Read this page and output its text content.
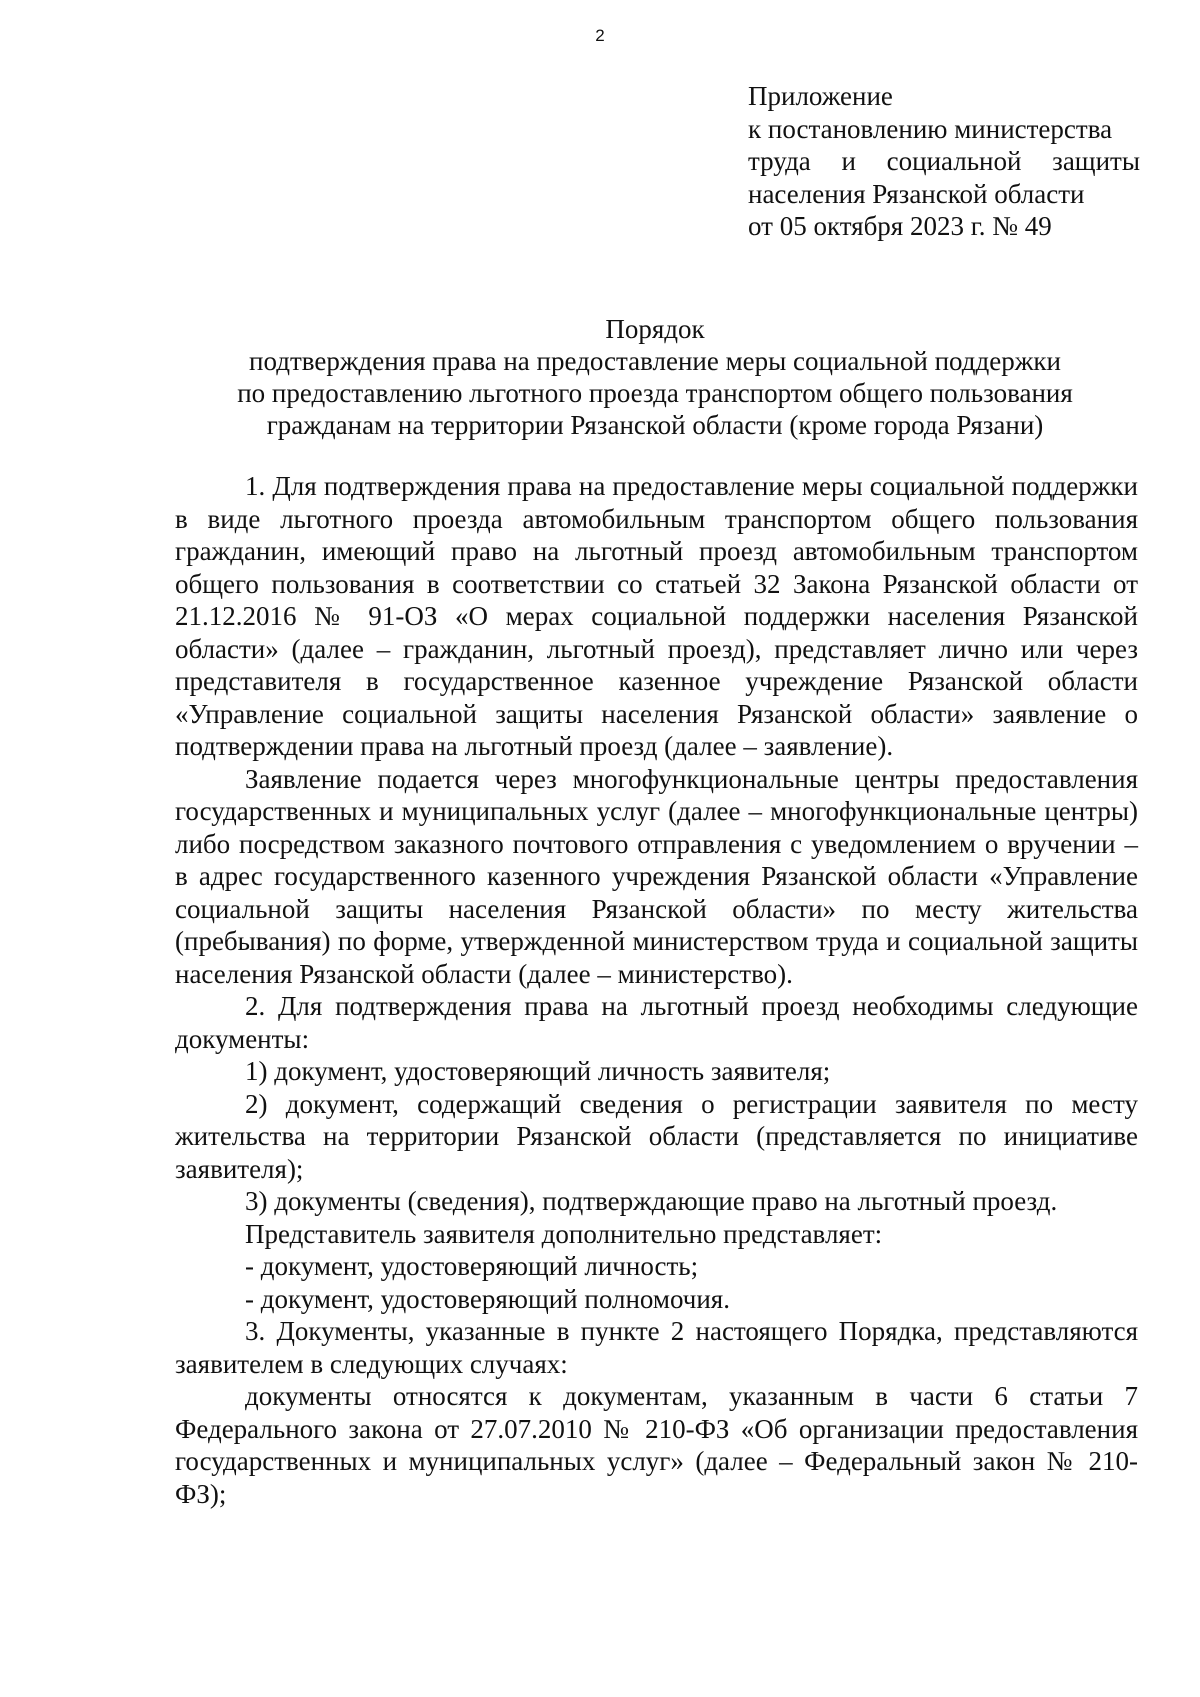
2
Приложение
к постановлению министерства
труда и социальной защиты
населения Рязанской области
от 05 октября 2023 г. № 49
Порядок
подтверждения права на предоставление меры социальной поддержки
по предоставлению льготного проезда транспортом общего пользования
гражданам на территории Рязанской области (кроме города Рязани)

1. Для подтверждения права на предоставление меры социальной поддержки в виде льготного проезда автомобильным транспортом общего пользования гражданин, имеющий право на льготный проезд автомобильным транспортом общего пользования в соответствии со статьей 32 Закона Рязанской области от 21.12.2016 № 91-ОЗ «О мерах социальной поддержки населения Рязанской области» (далее – гражданин, льготный проезд), представляет лично или через представителя в государственное казенное учреждение Рязанской области «Управление социальной защиты населения Рязанской области» заявление о подтверждении права на льготный проезд (далее – заявление).

Заявление подается через многофункциональные центры предоставления государственных и муниципальных услуг (далее – многофункциональные центры) либо посредством заказного почтового отправления с уведомлением о вручении – в адрес государственного казенного учреждения Рязанской области «Управление социальной защиты населения Рязанской области» по месту жительства (пребывания) по форме, утвержденной министерством труда и социальной защиты населения Рязанской области (далее – министерство).

2. Для подтверждения права на льготный проезд необходимы следующие документы:

1) документ, удостоверяющий личность заявителя;

2) документ, содержащий сведения о регистрации заявителя по месту жительства на территории Рязанской области (представляется по инициативе заявителя);

3) документы (сведения), подтверждающие право на льготный проезд.

Представитель заявителя дополнительно представляет:

- документ, удостоверяющий личность;

- документ, удостоверяющий полномочия.

3. Документы, указанные в пункте 2 настоящего Порядка, представляются заявителем в следующих случаях:

документы относятся к документам, указанным в части 6 статьи 7 Федерального закона от 27.07.2010 № 210-ФЗ «Об организации предоставления государственных и муниципальных услуг» (далее – Федеральный закон № 210-ФЗ);
